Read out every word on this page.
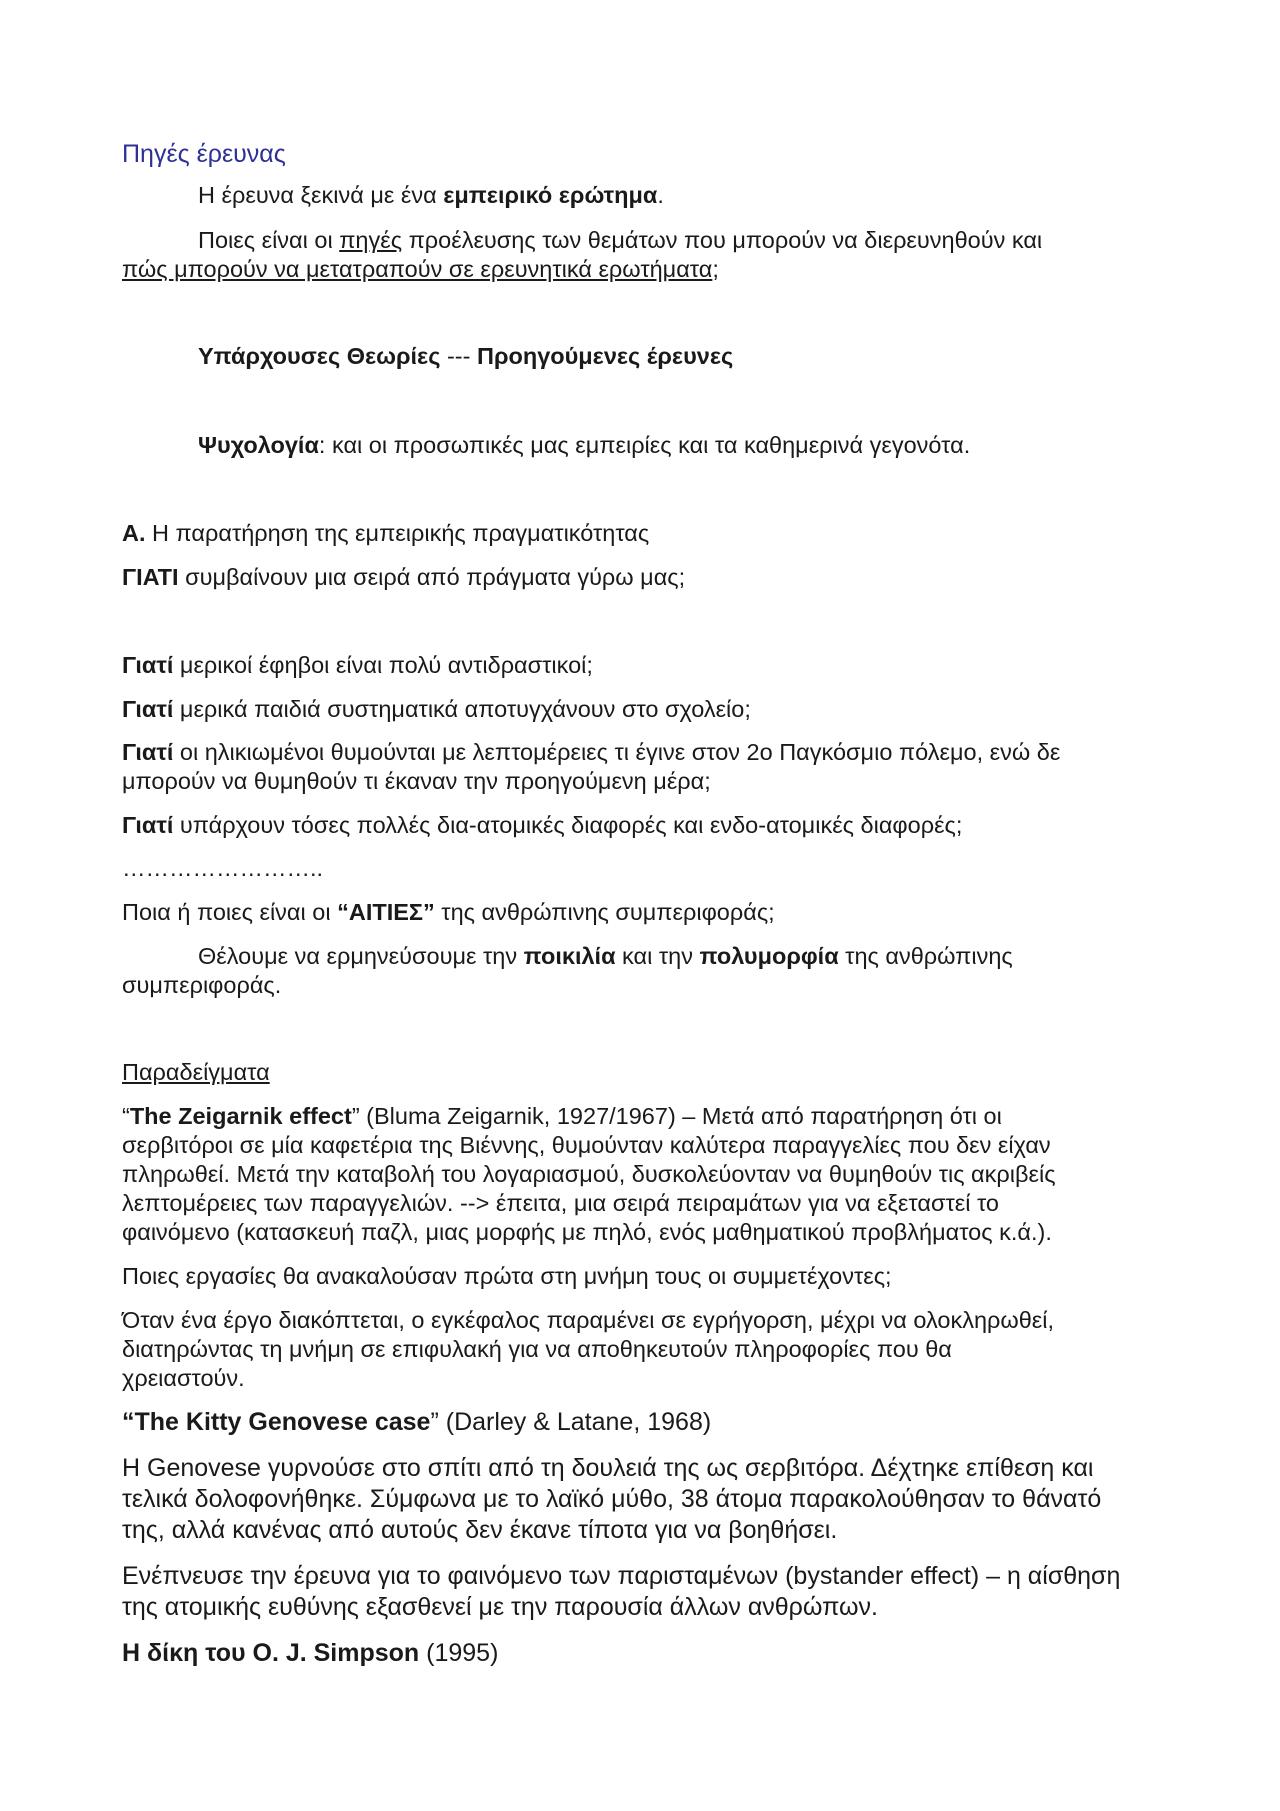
Πηγές έρευνας
Η έρευνα ξεκινά με ένα εμπειρικό ερώτημα.
Ποιες είναι οι πηγές προέλευσης των θεμάτων που μπορούν να διερευνηθούν και
πώς μπορούν να μετατραπούν σε ερευνητικά ερωτήματα;
Υπάρχουσες Θεωρίες --- Προηγούμενες έρευνες
Ψυχολογία: και οι προσωπικές μας εμπειρίες και τα καθημερινά γεγονότα.
Α. Η παρατήρηση της εμπειρικής πραγματικότητας
ΓΙΑΤΙ συμβαίνουν μια σειρά από πράγματα γύρω μας;
Γιατί μερικοί έφηβοι είναι πολύ αντιδραστικοί;
Γιατί μερικά παιδιά συστηματικά αποτυγχάνουν στο σχολείο;
Γιατί οι ηλικιωμένοι θυμούνται με λεπτομέρειες τι έγινε στον 2ο Παγκόσμιο πόλεμο, ενώ δε
μπορούν να θυμηθούν τι έκαναν την προηγούμενη μέρα;
Γιατί υπάρχουν τόσες πολλές δια-ατομικές διαφορές και ενδο-ατομικές διαφορές;
……………………..
Ποια ή ποιες είναι οι “ΑΙΤΙΕΣ” της ανθρώπινης συμπεριφοράς;
Θέλουμε να ερμηνεύσουμε την ποικιλία και την πολυμορφία της ανθρώπινης
συμπεριφοράς.
Παραδείγματα
“The Zeigarnik effect” (Bluma Zeigarnik, 1927/1967) – Μετά από παρατήρηση ότι οι
σερβιτόροι σε μία καφετέρια της Βιέννης, θυμούνταν καλύτερα παραγγελίες που δεν είχαν
πληρωθεί. Μετά την καταβολή του λογαριασμού, δυσκολεύονταν να θυμηθούν τις ακριβείς
λεπτομέρειες των παραγγελιών. --> έπειτα, μια σειρά πειραμάτων για να εξεταστεί το
φαινόμενο (κατασκευή παζλ, μιας μορφής με πηλό, ενός μαθηματικού προβλήματος κ.ά.).
Ποιες εργασίες θα ανακαλούσαν πρώτα στη μνήμη τους οι συμμετέχοντες;
Όταν ένα έργο διακόπτεται, ο εγκέφαλος παραμένει σε εγρήγορση, μέχρι να ολοκληρωθεί,
διατηρώντας τη μνήμη σε επιφυλακή για να αποθηκευτούν πληροφορίες που θα
χρειαστούν.
“The Kitty Genovese case” (Darley & Latane, 1968)
Η Genovese γυρνούσε στο σπίτι από τη δουλειά της ως σερβιτόρα. Δέχτηκε επίθεση και
τελικά δολοφονήθηκε. Σύμφωνα με το λαϊκό μύθο, 38 άτομα παρακολούθησαν το θάνατό
της, αλλά κανένας από αυτούς δεν έκανε τίποτα για να βοηθήσει.
Ενέπνευσε την έρευνα για το φαινόμενο των παρισταμένων (bystander effect) – η αίσθηση
της ατομικής ευθύνης εξασθενεί με την παρουσία άλλων ανθρώπων.
Η δίκη του O. J. Simpson (1995)
